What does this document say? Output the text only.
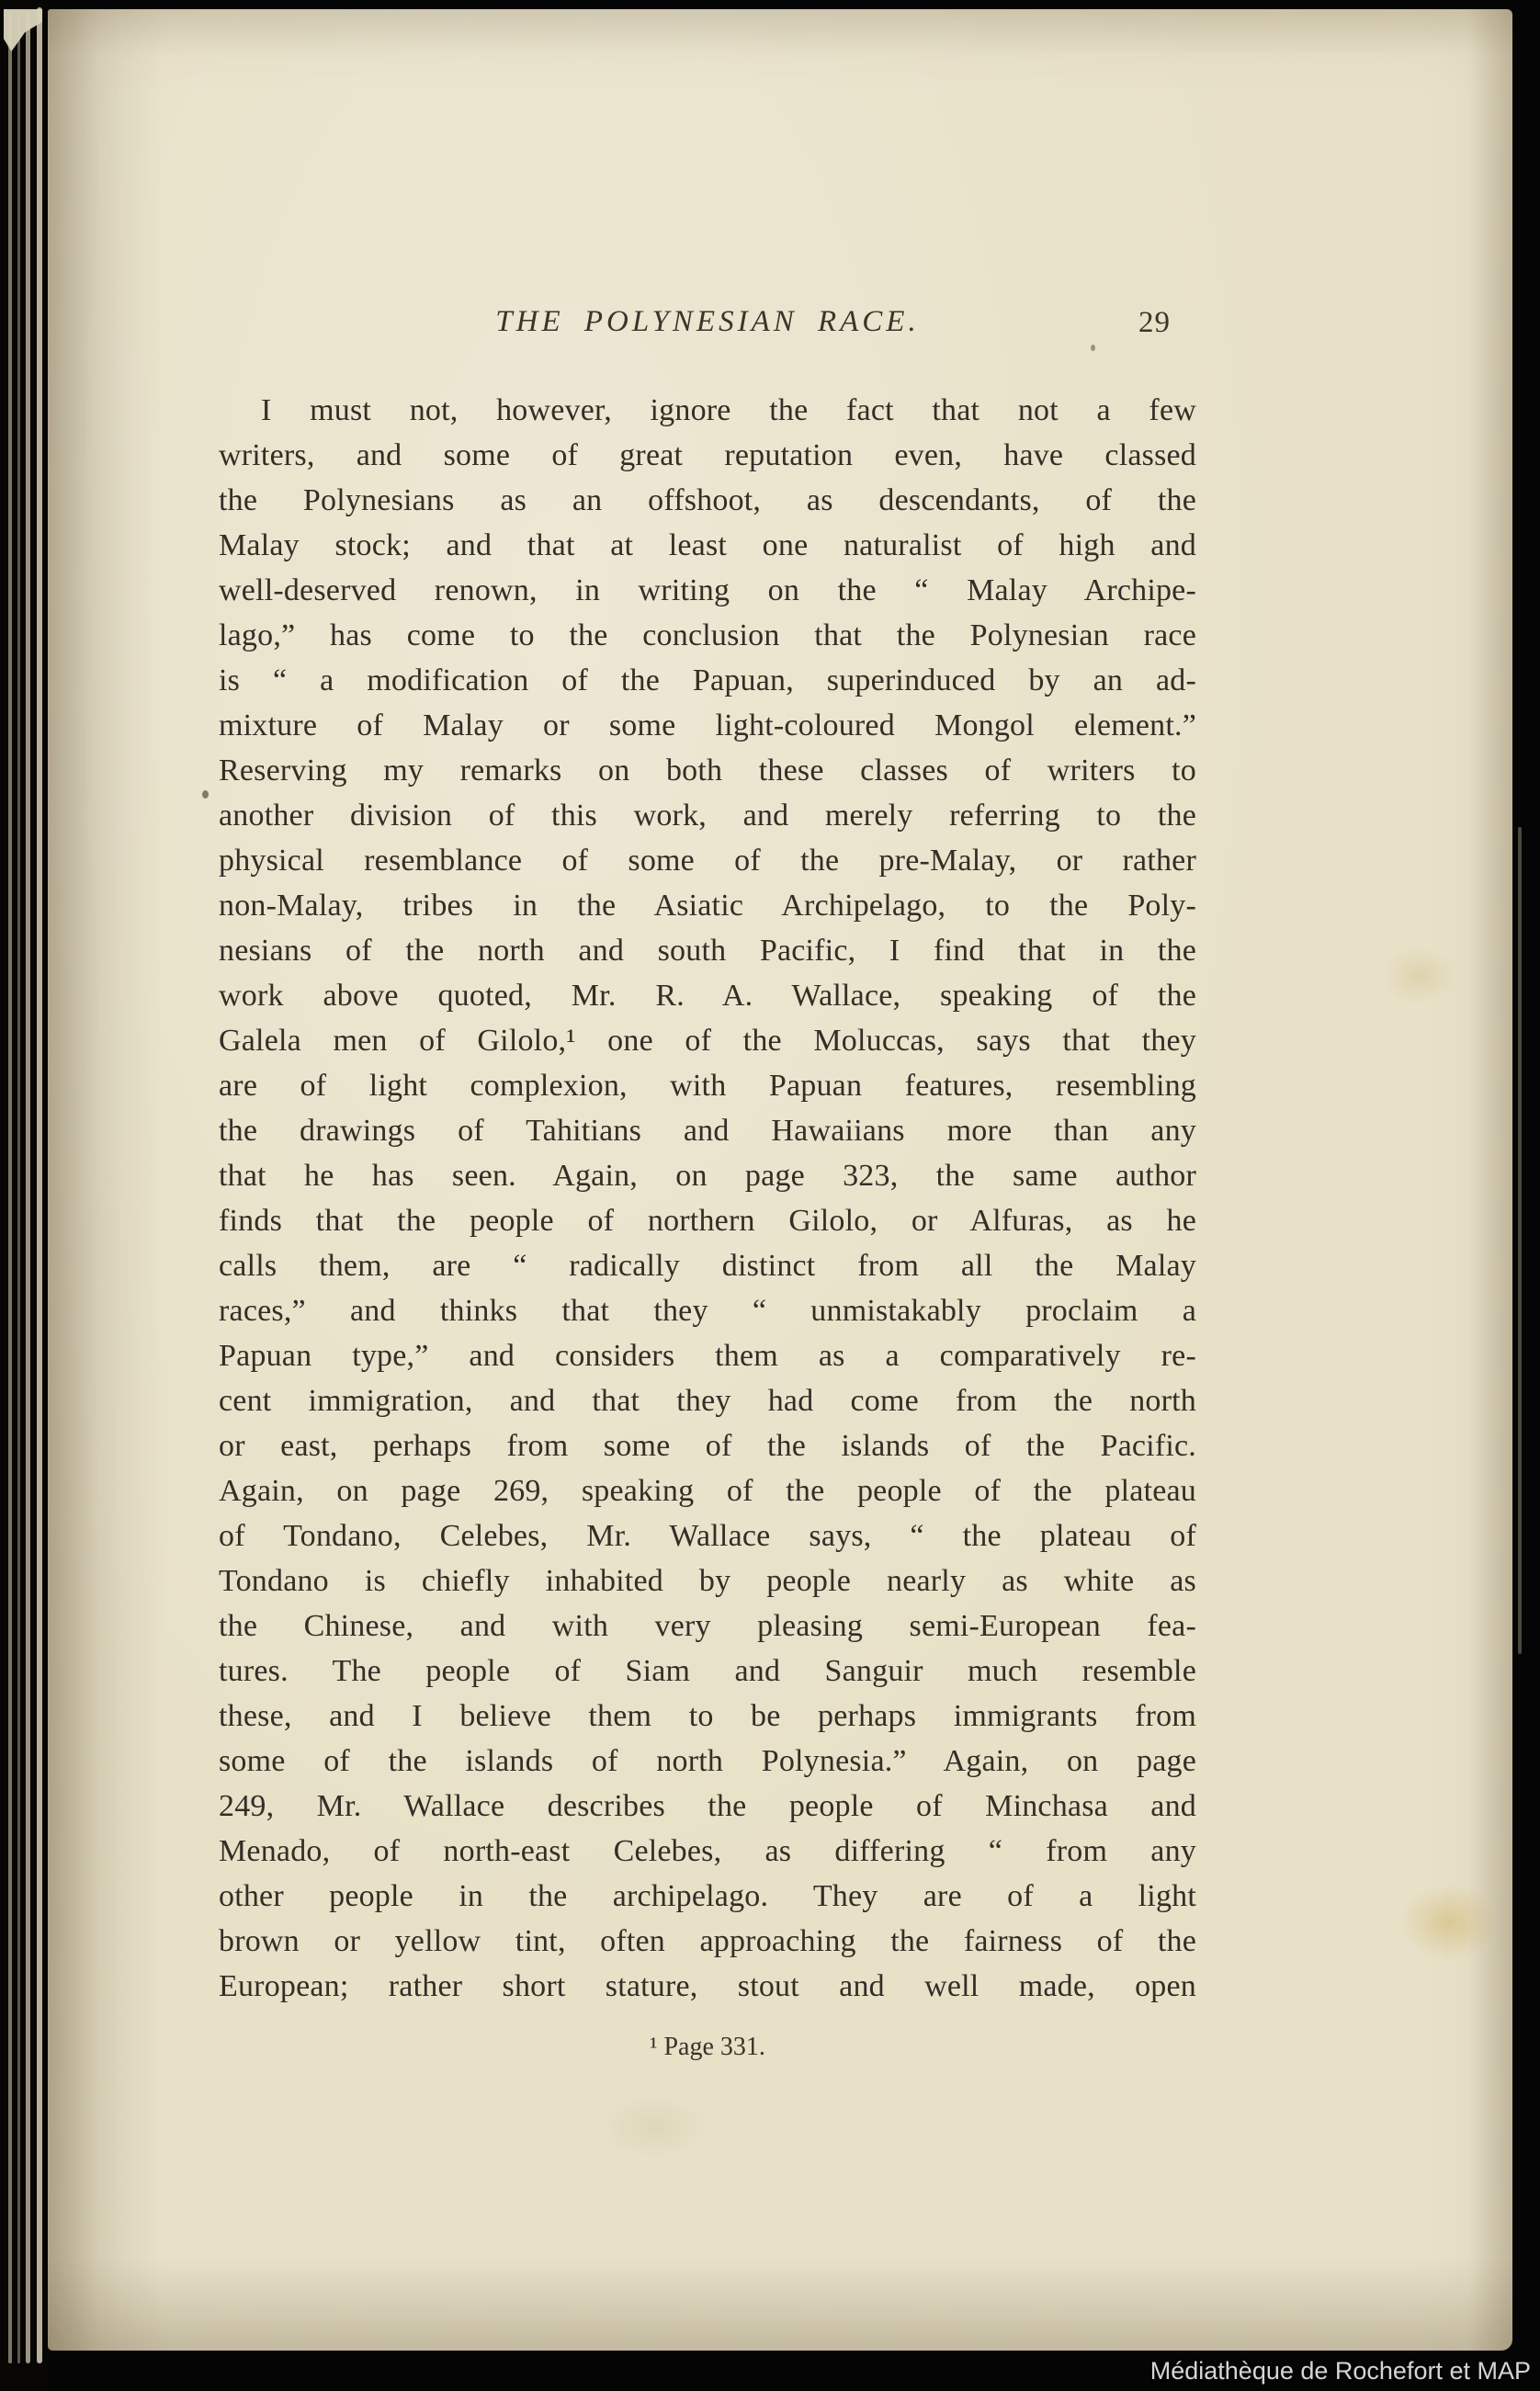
THE POLYNESIAN RACE.	29
I must not, however, ignore the fact that not a few
writers, and some of great reputation even, have classed
the Polynesians as an offshoot, as descendants, of the
Malay stock; and that at least one naturalist of high and
well-deserved renown, in writing on the “ Malay Archipe-
lago,” has come to the conclusion that the Polynesian race
is “ a modification of the Papuan, superinduced by an ad-
mixture of Malay or some light-coloured Mongol element.”
Reserving my remarks on both these classes of writers to
another division of this work, and merely referring to the
physical resemblance of some of the pre-Malay, or rather
non-Malay, tribes in the Asiatic Archipelago, to the Poly-
nesians of the north and south Pacific, I find that in the
work above quoted, Mr. R. A. Wallace, speaking of the
Galela men of Gilolo,¹ one of the Moluccas, says that they
are of light complexion, with Papuan features, resembling
the drawings of Tahitians and Hawaiians more than any
that he has seen. Again, on page 323, the same author
finds that the people of northern Gilolo, or Alfuras, as he
calls them, are “ radically distinct from all the Malay
races,” and thinks that they “ unmistakably proclaim a
Papuan type,” and considers them as a comparatively re-
cent immigration, and that they had come from the north
or east, perhaps from some of the islands of the Pacific.
Again, on page 269, speaking of the people of the plateau
of Tondano, Celebes, Mr. Wallace says, “ the plateau of
Tondano is chiefly inhabited by people nearly as white as
the Chinese, and with very pleasing semi-European fea-
tures. The people of Siam and Sanguir much resemble
these, and I believe them to be perhaps immigrants from
some of the islands of north Polynesia.” Again, on page
249, Mr. Wallace describes the people of Minchasa and
Menado, of north-east Celebes, as differing “ from any
other people in the archipelago. They are of a light
brown or yellow tint, often approaching the fairness of the
European; rather short stature, stout and well made, open
¹ Page 331.
Médiathèque de Rochefort et MAP
